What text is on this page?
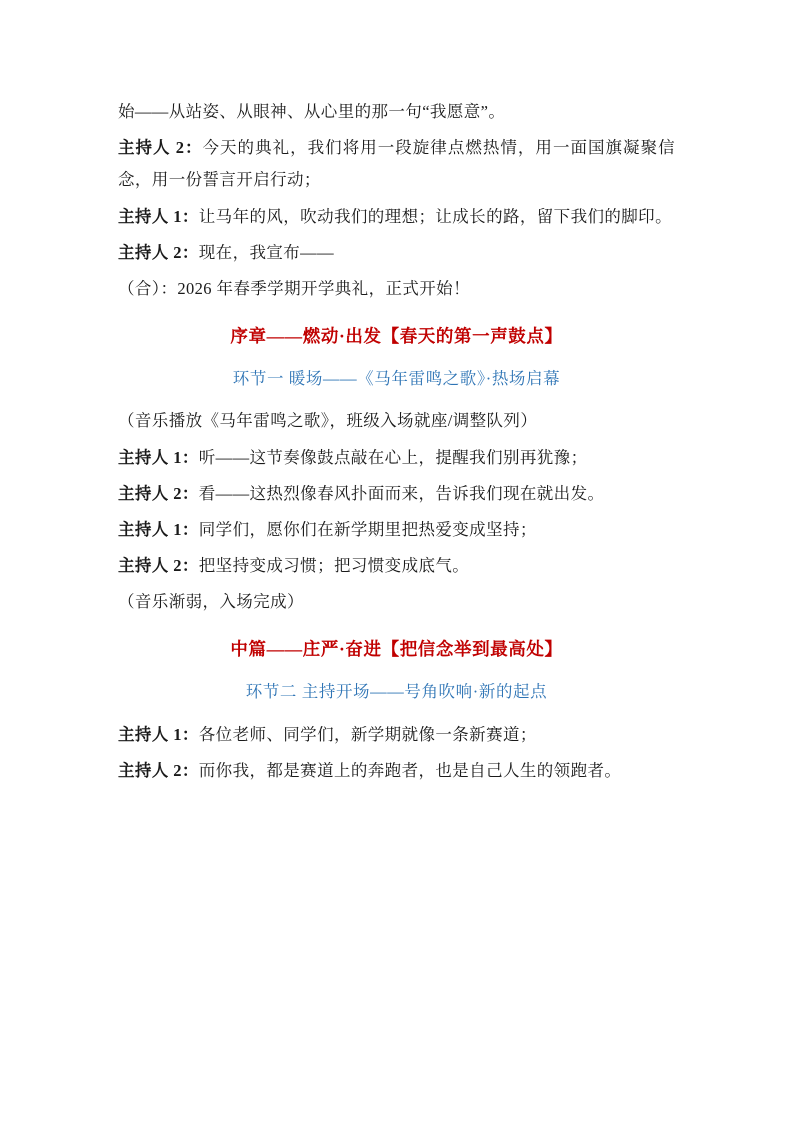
始——从站姿、从眼神、从心里的那一句“我愿意”。

主持人 2：今天的典礼，我们将用一段旋律点燃热情，用一面国旗凝聚信念，用一份誓言开启行动；

主持人 1：让马年的风，吹动我们的理想；让成长的路，留下我们的脚印。

主持人 2：现在，我宣布——

（合）：2026 年春季学期开学典礼，正式开始！

序章——燃动·出发【春天的第一声鼓点】

环节一 暖场——《马年雷鸣之歌》·热场启幕

（音乐播放《马年雷鸣之歌》，班级入场就座/调整队列）

主持人 1：听——这节奏像鼓点敲在心上，提醒我们别再犹豫；

主持人 2：看——这热烈像春风扑面而来，告诉我们现在就出发。

主持人 1：同学们，愿你们在新学期里把热爱变成坚持；

主持人 2：把坚持变成习惯；把习惯变成底气。

（音乐渐弱，入场完成）

中篇——庄严·奋进【把信念举到最高处】

环节二 主持开场——号角吹响·新的起点

主持人 1：各位老师、同学们，新学期就像一条新赛道；

主持人 2：而你我，都是赛道上的奔跑者，也是自己人生的领跑者。
